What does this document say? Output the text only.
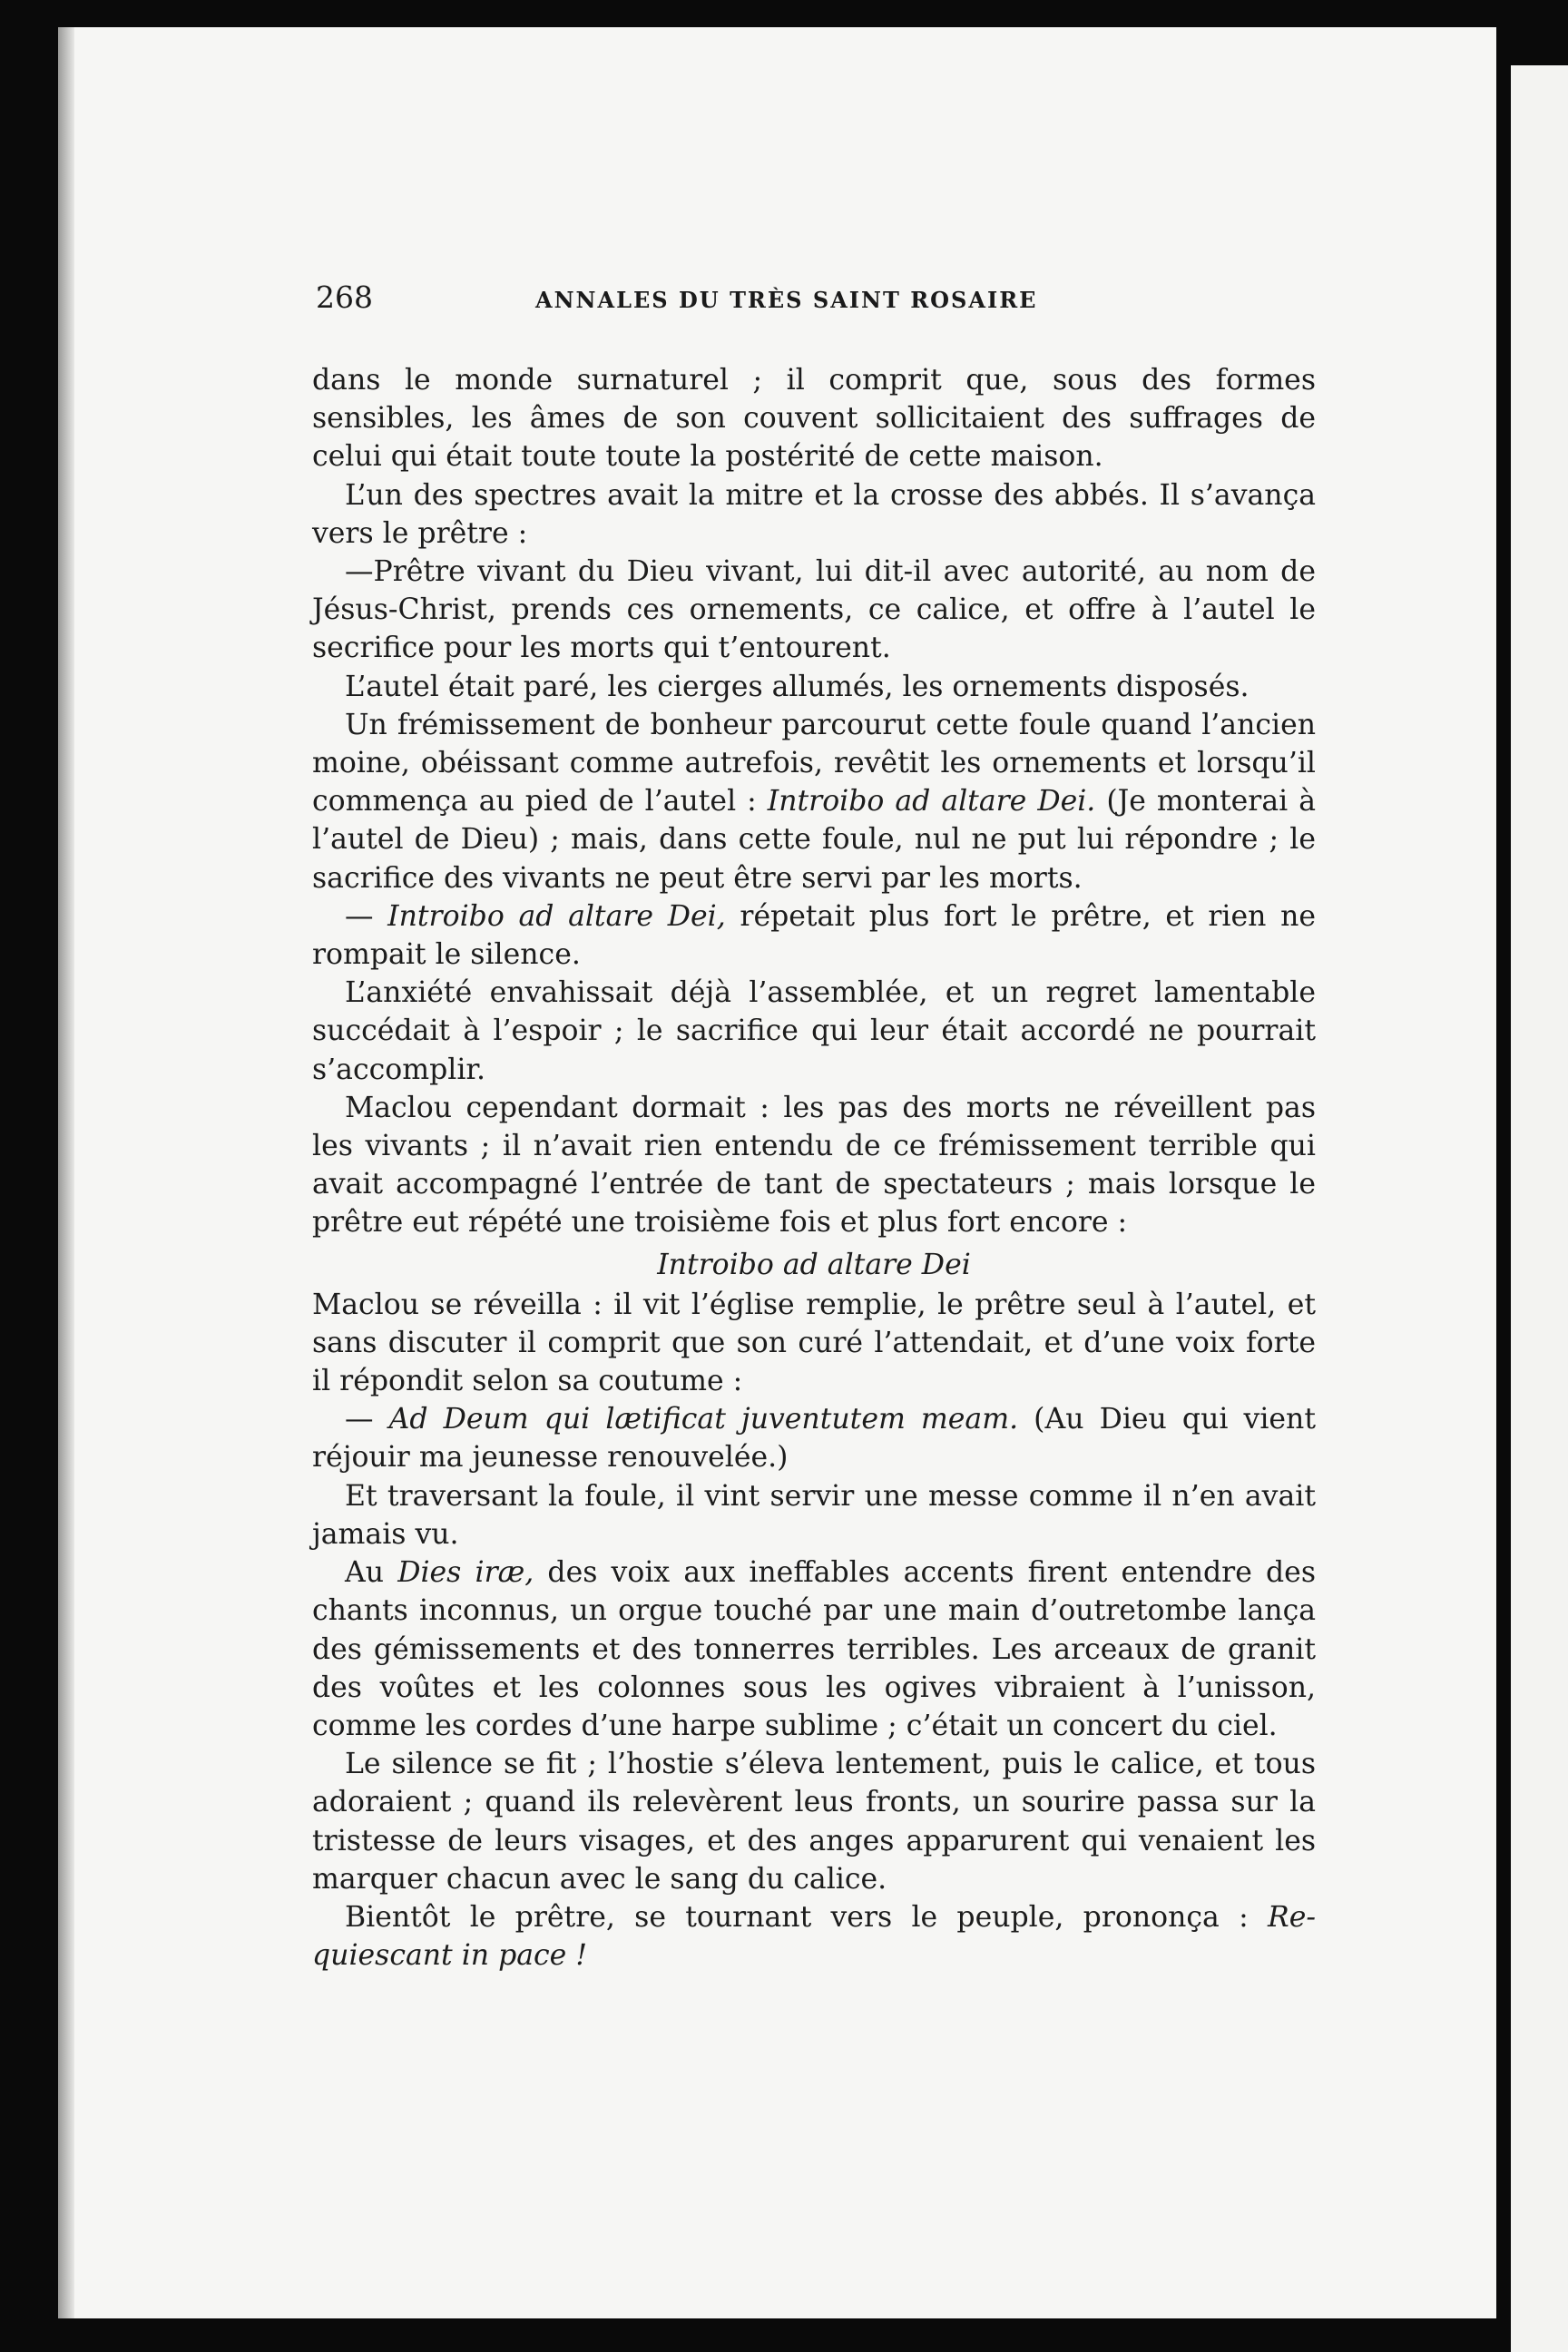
268	ANNALES DU TRÈS SAINT ROSAIRE

dans le monde surnaturel ; il comprit que, sous des formes sensibles, les âmes de son couvent sollicitaient des suffrages de celui qui était toute toute la postérité de cette maison.

L’un des spectres avait la mitre et la crosse des abbés. Il s’avança vers le prêtre :

—Prêtre vivant du Dieu vivant, lui dit-il avec autorité, au nom de Jésus-Christ, prends ces ornements, ce calice, et offre à l’autel le secrifice pour les morts qui t’entourent.

L’autel était paré, les cierges allumés, les ornements disposés.

Un frémissement de bonheur parcourut cette foule quand l’ancien moine, obéissant comme autrefois, revêtit les ornements et lorsqu’il commença au pied de l’autel : Introibo ad altare Dei. (Je monterai à l’autel de Dieu) ; mais, dans cette foule, nul ne put lui répondre ; le sacrifice des vivants ne peut être servi par les morts.

— Introibo ad altare Dei, répetait plus fort le prêtre, et rien ne rompait le silence.

L’anxiété envahissait déjà l’assemblée, et un regret lamentable succédait à l’espoir ; le sacrifice qui leur était accordé ne pourrait s’accomplir.

Maclou cependant dormait : les pas des morts ne réveillent pas les vivants ; il n’avait rien entendu de ce frémissement terrible qui avait accompagné l’entrée de tant de spectateurs ; mais lorsque le prêtre eut répété une troisième fois et plus fort encore :

Introibo ad altare Dei

Maclou se réveilla : il vit l’église remplie, le prêtre seul à l’autel, et sans discuter il comprit que son curé l’attendait, et d’une voix forte il répondit selon sa coutume :

— Ad Deum qui lætificat juventutem meam. (Au Dieu qui vient réjouir ma jeunesse renouvelée.)

Et traversant la foule, il vint servir une messe comme il n’en avait jamais vu.

Au Dies iræ, des voix aux ineffables accents firent entendre des chants inconnus, un orgue touché par une main d’outretombe lança des gémissements et des tonnerres terribles. Les arceaux de granit des voûtes et les colonnes sous les ogives vibraient à l’unisson, comme les cordes d’une harpe sublime ; c’était un concert du ciel.

Le silence se fit ; l’hostie s’éleva lentement, puis le calice, et tous adoraient ; quand ils relevèrent leus fronts, un sourire passa sur la tristesse de leurs visages, et des anges apparurent qui venaient les marquer chacun avec le sang du calice.

Bientôt le prêtre, se tournant vers le peuple, prononça : Requiescant in pace !
